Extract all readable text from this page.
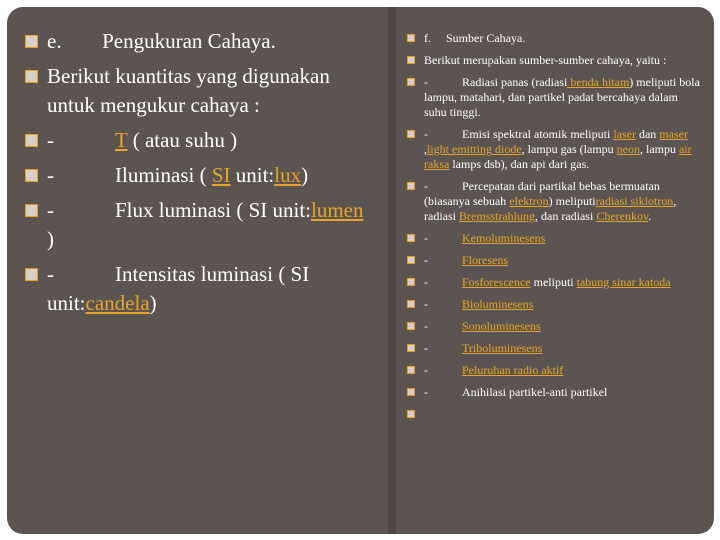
e. Pengukuran Cahaya.
Berikut kuantitas yang digunakan untuk mengukur cahaya :
-	T ( atau suhu )
-	Iluminasi ( SI unit:lux)
-	Flux luminasi ( SI unit:lumen )
-	Intensitas luminasi ( SI unit:candela)
f. Sumber Cahaya.
Berikut merupakan sumber-sumber cahaya, yaitu :
-	Radiasi panas (radiasi benda hitam) meliputi bola lampu, matahari, dan partikel padat bercahaya dalam suhu tinggi.
-	Emisi spektral atomik meliputi laser dan maser ,light emitting diode, lampu gas (lampu neon, lampu air raksa lamps dsb), dan api dari gas.
-	Percepatan dari partikal bebas bermuatan (biasanya sebuah elektron) meliputiradiasi siklotron, radiasi Bremsstrahlung, dan radiasi Cherenkov.
-	Kemoluminesens
-	Floresens
-	Fosforescence meliputi tabung sinar katoda
-	Bioluminesens
-	Sonoluminesens
-	Triboluminesens
-	Peluruhan radio aktif
-	Anihilasi partikel-anti partikel
